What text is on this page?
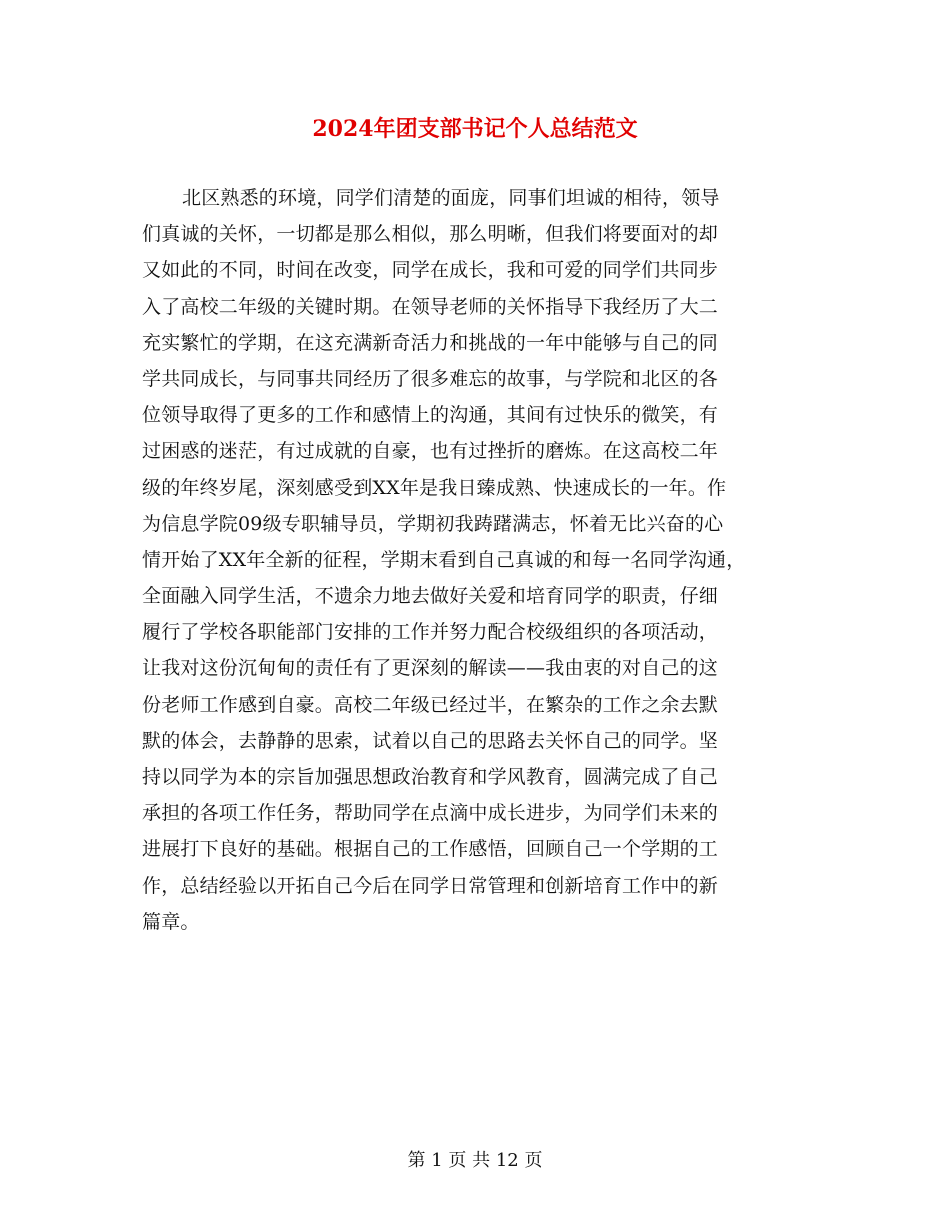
2024年团支部书记个人总结范文
北区熟悉的环境，同学们清楚的面庞，同事们坦诚的相待，领导
们真诚的关怀，一切都是那么相似，那么明晰，但我们将要面对的却
又如此的不同，时间在改变，同学在成长，我和可爱的同学们共同步
入了高校二年级的关键时期。在领导老师的关怀指导下我经历了大二
充实繁忙的学期，在这充满新奇活力和挑战的一年中能够与自己的同
学共同成长，与同事共同经历了很多难忘的故事，与学院和北区的各
位领导取得了更多的工作和感情上的沟通，其间有过快乐的微笑，有
过困惑的迷茫，有过成就的自豪，也有过挫折的磨炼。在这高校二年
级的年终岁尾，深刻感受到XX年是我日臻成熟、快速成长的一年。作
为信息学院09级专职辅导员，学期初我踌躇满志，怀着无比兴奋的心
情开始了XX年全新的征程，学期末看到自己真诚的和每一名同学沟通，
全面融入同学生活，不遗余力地去做好关爱和培育同学的职责，仔细
履行了学校各职能部门安排的工作并努力配合校级组织的各项活动，
让我对这份沉甸甸的责任有了更深刻的解读——我由衷的对自己的这
份老师工作感到自豪。高校二年级已经过半，在繁杂的工作之余去默
默的体会，去静静的思索，试着以自己的思路去关怀自己的同学。坚
持以同学为本的宗旨加强思想政治教育和学风教育，圆满完成了自己
承担的各项工作任务，帮助同学在点滴中成长进步，为同学们未来的
进展打下良好的基础。根据自己的工作感悟，回顾自己一个学期的工
作，总结经验以开拓自己今后在同学日常管理和创新培育工作中的新
篇章。
第 1 页 共 12 页
